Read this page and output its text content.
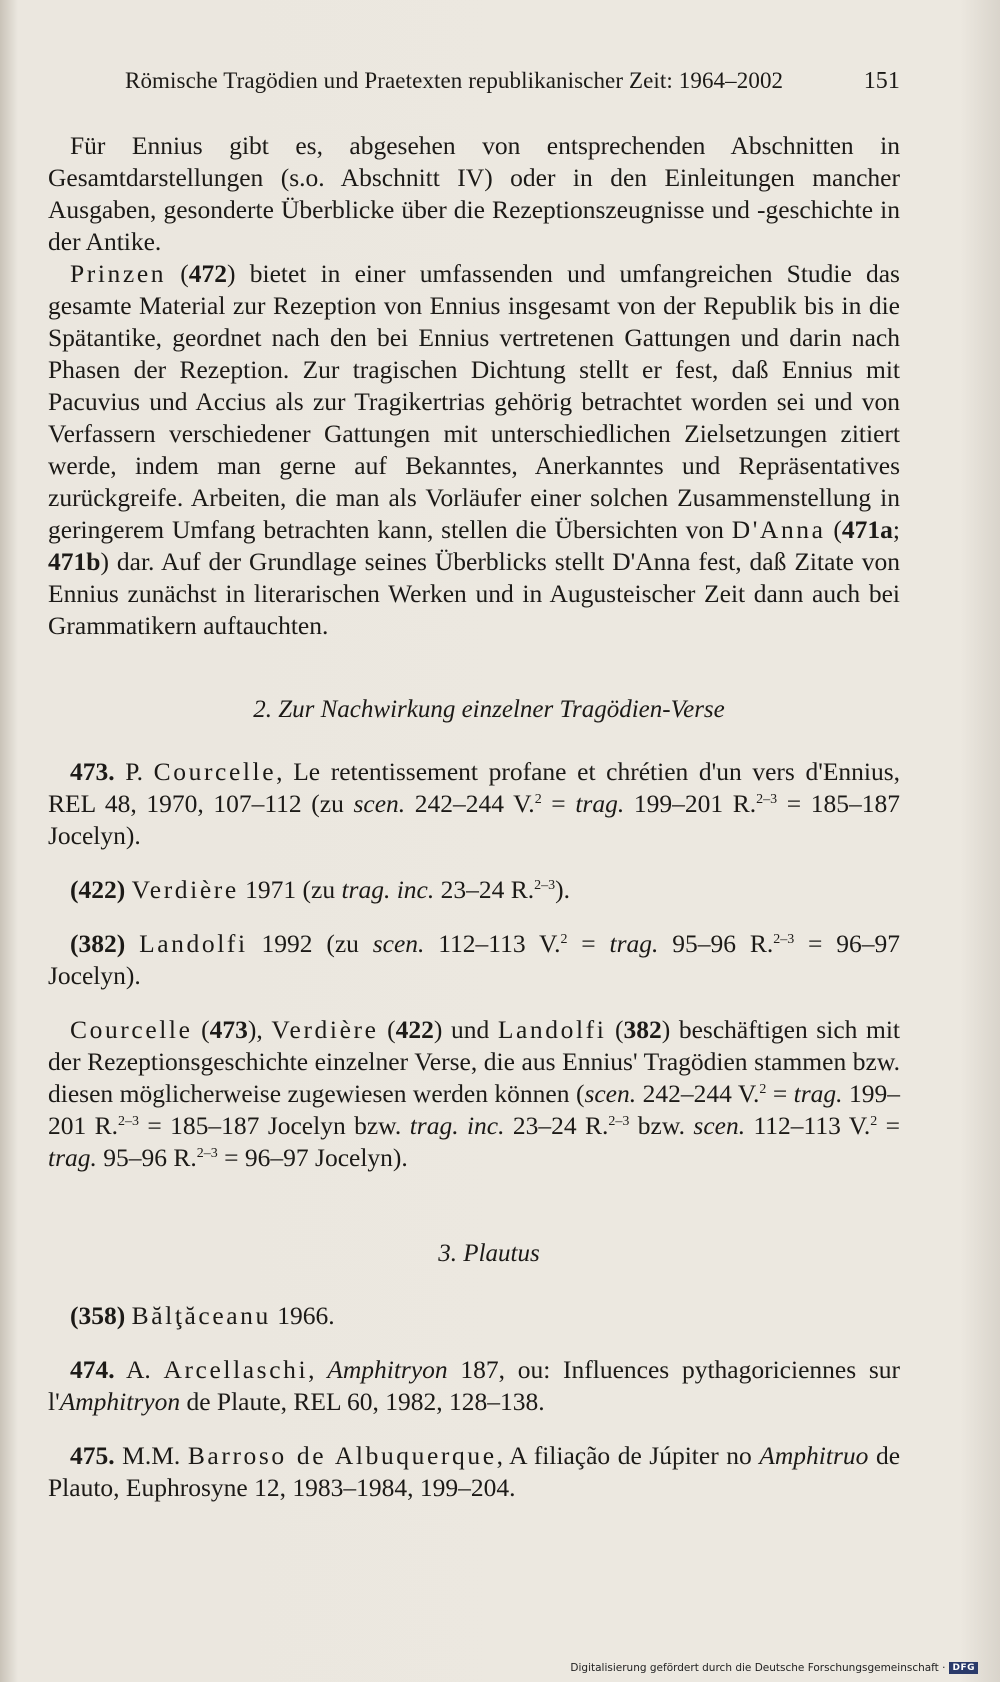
Römische Tragödien und Praetexten republikanischer Zeit: 1964–2002	151

Für Ennius gibt es, abgesehen von entsprechenden Abschnitten in Gesamtdarstellungen (s.o. Abschnitt IV) oder in den Einleitungen mancher Ausgaben, gesonderte Überblicke über die Rezeptionszeugnisse und -geschichte in der Antike.

Prinzen (472) bietet in einer umfassenden und umfangreichen Studie das gesamte Material zur Rezeption von Ennius insgesamt von der Republik bis in die Spätantike, geordnet nach den bei Ennius vertretenen Gattungen und darin nach Phasen der Rezeption. Zur tragischen Dichtung stellt er fest, daß Ennius mit Pacuvius und Accius als zur Tragikertrias gehörig betrachtet worden sei und von Verfassern verschiedener Gattungen mit unterschiedlichen Zielsetzungen zitiert werde, indem man gerne auf Bekanntes, Anerkanntes und Repräsentatives zurückgreife. Arbeiten, die man als Vorläufer einer solchen Zusammenstellung in geringerem Umfang betrachten kann, stellen die Übersichten von D'Anna (471a; 471b) dar. Auf der Grundlage seines Überblicks stellt D'Anna fest, daß Zitate von Ennius zunächst in literarischen Werken und in Augusteischer Zeit dann auch bei Grammatikern auftauchten.

2. Zur Nachwirkung einzelner Tragödien-Verse

473. P. Courcelle, Le retentissement profane et chrétien d'un vers d'Ennius, REL 48, 1970, 107–112 (zu scen. 242–244 V.$^2$ = trag. 199–201 R.$^{2-3}$ = 185–187 Jocelyn).

(422) Verdière 1971 (zu trag. inc. 23–24 R.$^{2-3}$).

(382) Landolfi 1992 (zu scen. 112–113 V.$^2$ = trag. 95–96 R.$^{2-3}$ = 96–97 Jocelyn).

Courcelle (473), Verdière (422) und Landolfi (382) beschäftigen sich mit der Rezeptionsgeschichte einzelner Verse, die aus Ennius' Tragödien stammen bzw. diesen möglicherweise zugewiesen werden können (scen. 242–244 V.$^2$ = trag. 199–201 R.$^{2-3}$ = 185–187 Jocelyn bzw. trag. inc. 23–24 R.$^{2-3}$ bzw. scen. 112–113 V.$^2$ = trag. 95–96 R.$^{2-3}$ = 96–97 Jocelyn).

3. Plautus

(358) Bălţăceanu 1966.

474. A. Arcellaschi, Amphitryon 187, ou: Influences pythagoriciennes sur l'Amphitryon de Plaute, REL 60, 1982, 128–138.

475. M.M. Barroso de Albuquerque, A filiação de Júpiter no Amphitruo de Plauto, Euphrosyne 12, 1983–1984, 199–204.

Digitalisierung gefördert durch die Deutsche Forschungsgemeinschaft · DFG
